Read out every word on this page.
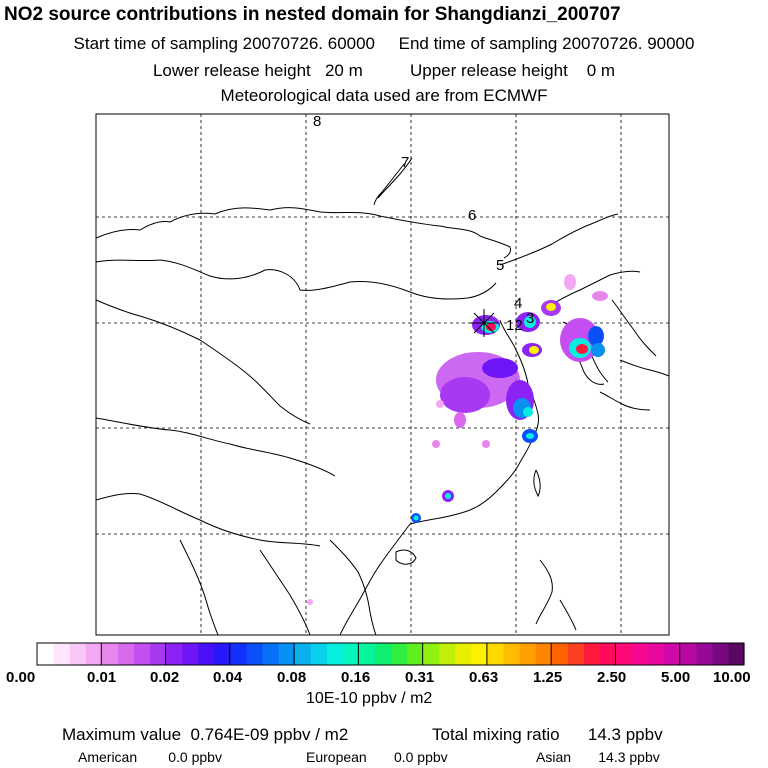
NO2 source contributions in nested domain for Shangdianzi_200707
Start time of sampling 20070726. 60000 End time of sampling 20070726. 90000
Lower release height   20 m	Upper release height    0 m
Meteorological data used are from ECMWF
8
7
6
5
4
3
12
0.00	0.01 0.02 0.04 0.08 0.16 0.31 0.63 1.25 2.50 5.00 10.00
10E-10 ppbv / m2
Maximum value  0.764E-09 ppbv / m2	Total mixing ratio      14.3 ppbv
American        0.0 ppbv	European       0.0 ppbv	Asian       14.3 ppbv
